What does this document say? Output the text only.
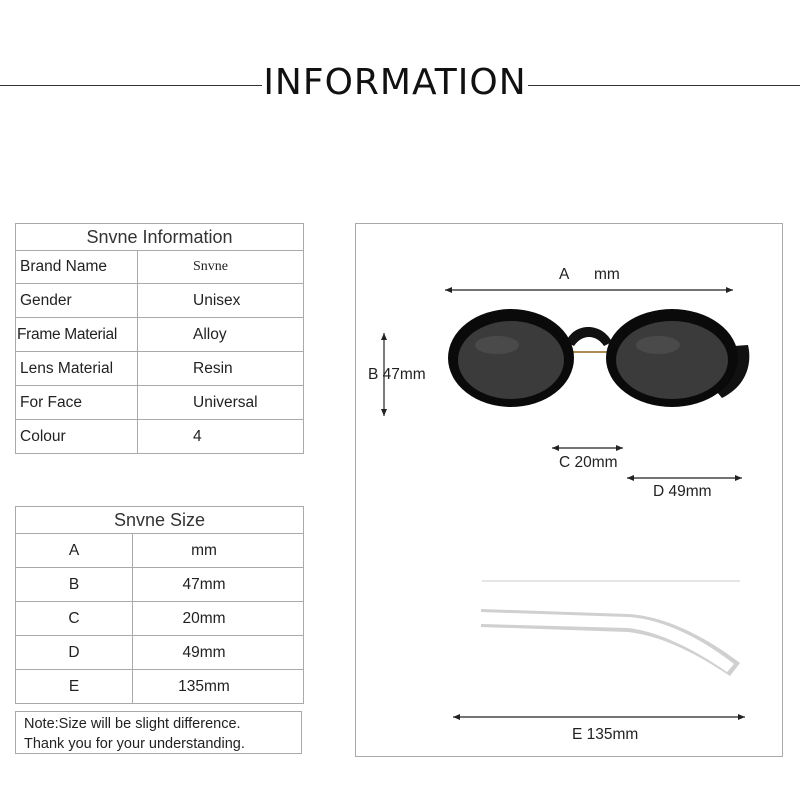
INFORMATION
Snvne Information	
Brand Name	Snvne
Gender	Unisex
Frame Material	Alloy
Lens Material	Resin
For Face	Universal
Colour	4
Snvne Size	
A	mm
B	47mm
C	20mm
D	49mm
E	135mm
Note:Size will be slight difference.
Thank you for your understanding.
A mm
B 47mm
C 20mm
D 49mm
E 135mm
